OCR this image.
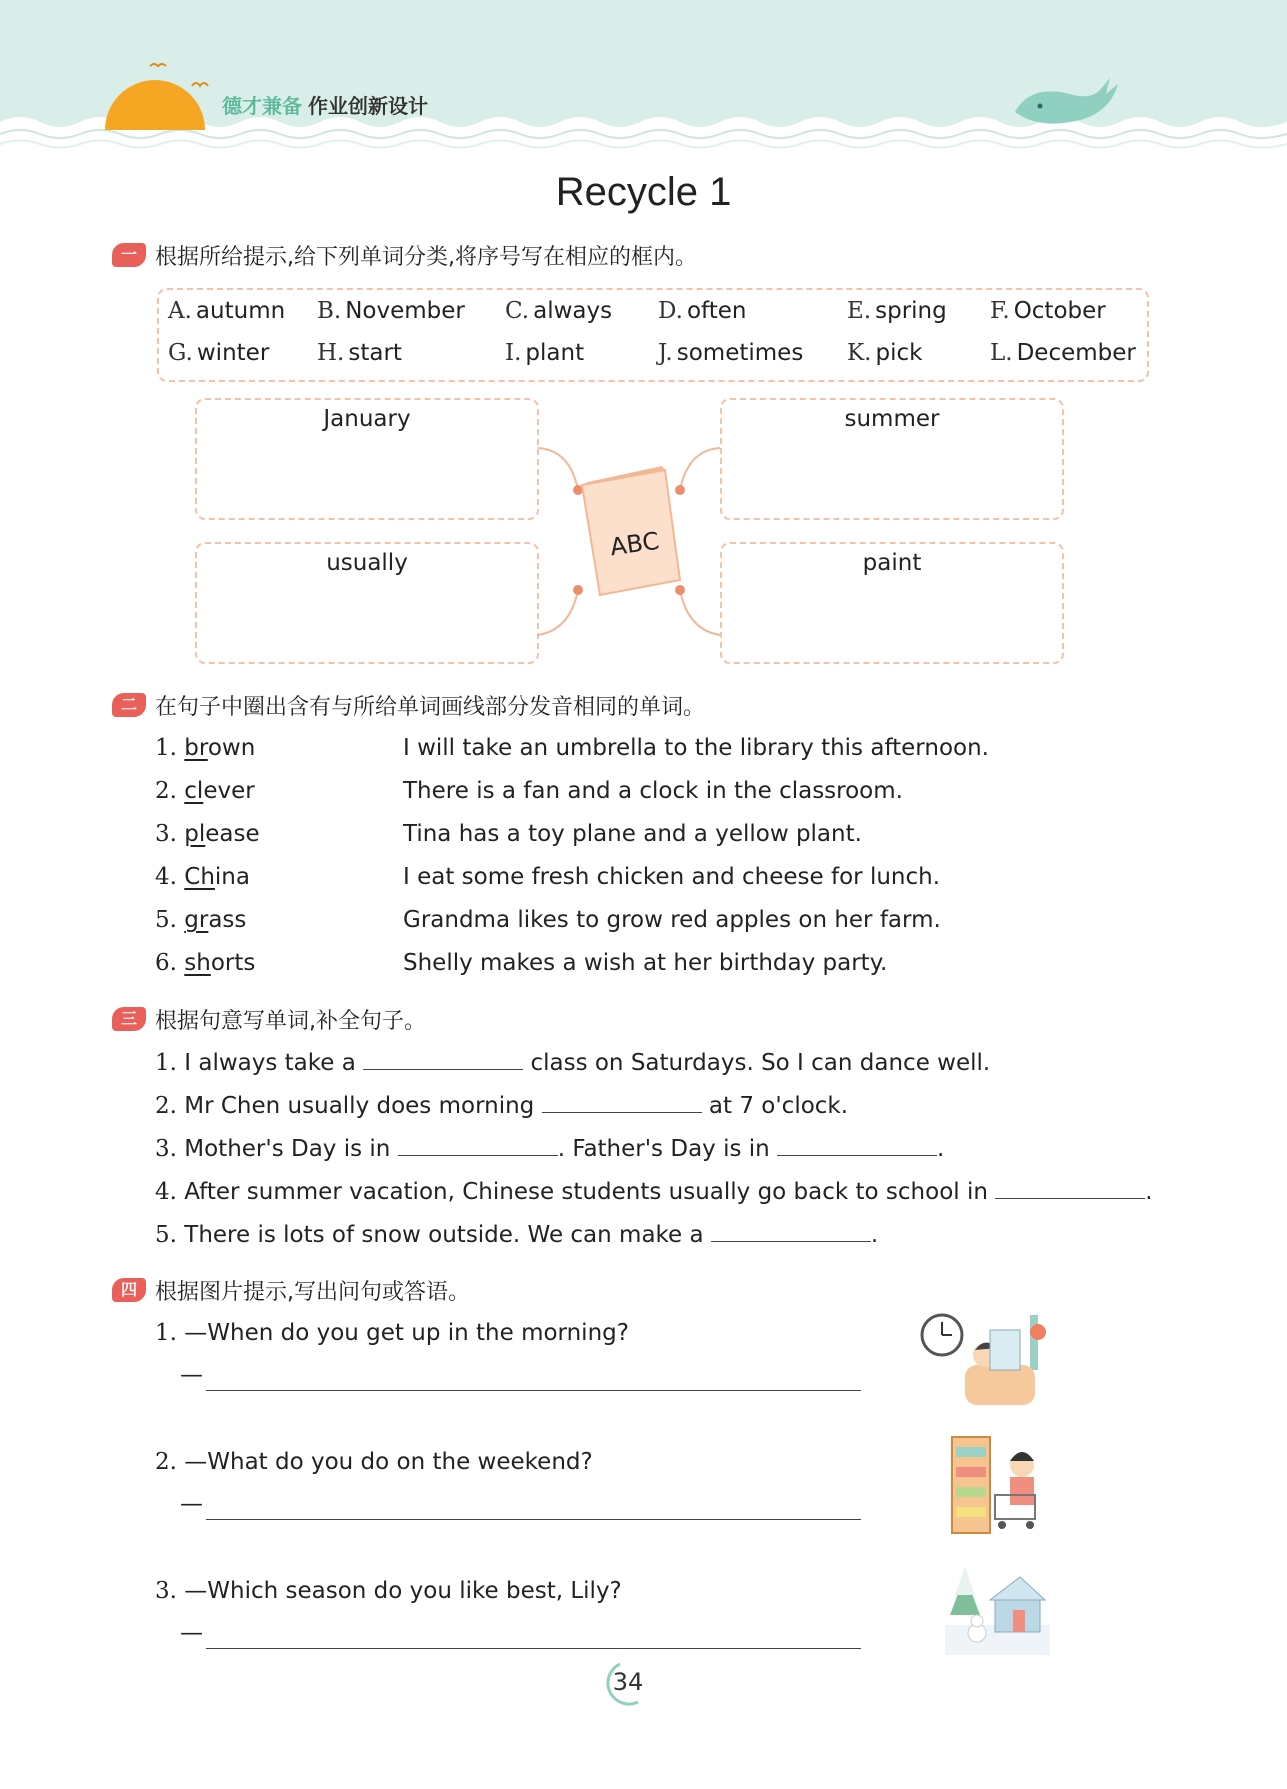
德才兼备 作业创新设计
Recycle 1
一 根据所给提示,给下列单词分类,将序号写在相应的框内。
A. autumn B. November C. always D. often	E. spring F. October
G. winter H. start	I. plant	J. sometimes K. pick	L. December
January	summer
usually	paint
ABC
二 在句子中圈出含有与所给单词画线部分发音相同的单词。
1. brown	I will take an umbrella to the library this afternoon.
2. clever	There is a fan and a clock in the classroom.
3. please	Tina has a toy plane and a yellow plant.
4. China	I eat some fresh chicken and cheese for lunch.
5. grass	Grandma likes to grow red apples on her farm.
6. shorts	Shelly makes a wish at her birthday party.
三 根据句意写单词,补全句子。
1. I always take a	class on Saturdays. So I can dance well.
2. Mr Chen usually does morning	at 7 o'clock.
3. Mother's Day is in	. Father's Day is in	.
4. After summer vacation, Chinese students usually go back to school in	.
5. There is lots of snow outside. We can make a	.
四 根据图片提示,写出问句或答语。
1. —When do you get up in the morning?
—
2. —What do you do on the weekend?
—
3. —Which season do you like best, Lily?
—
34
